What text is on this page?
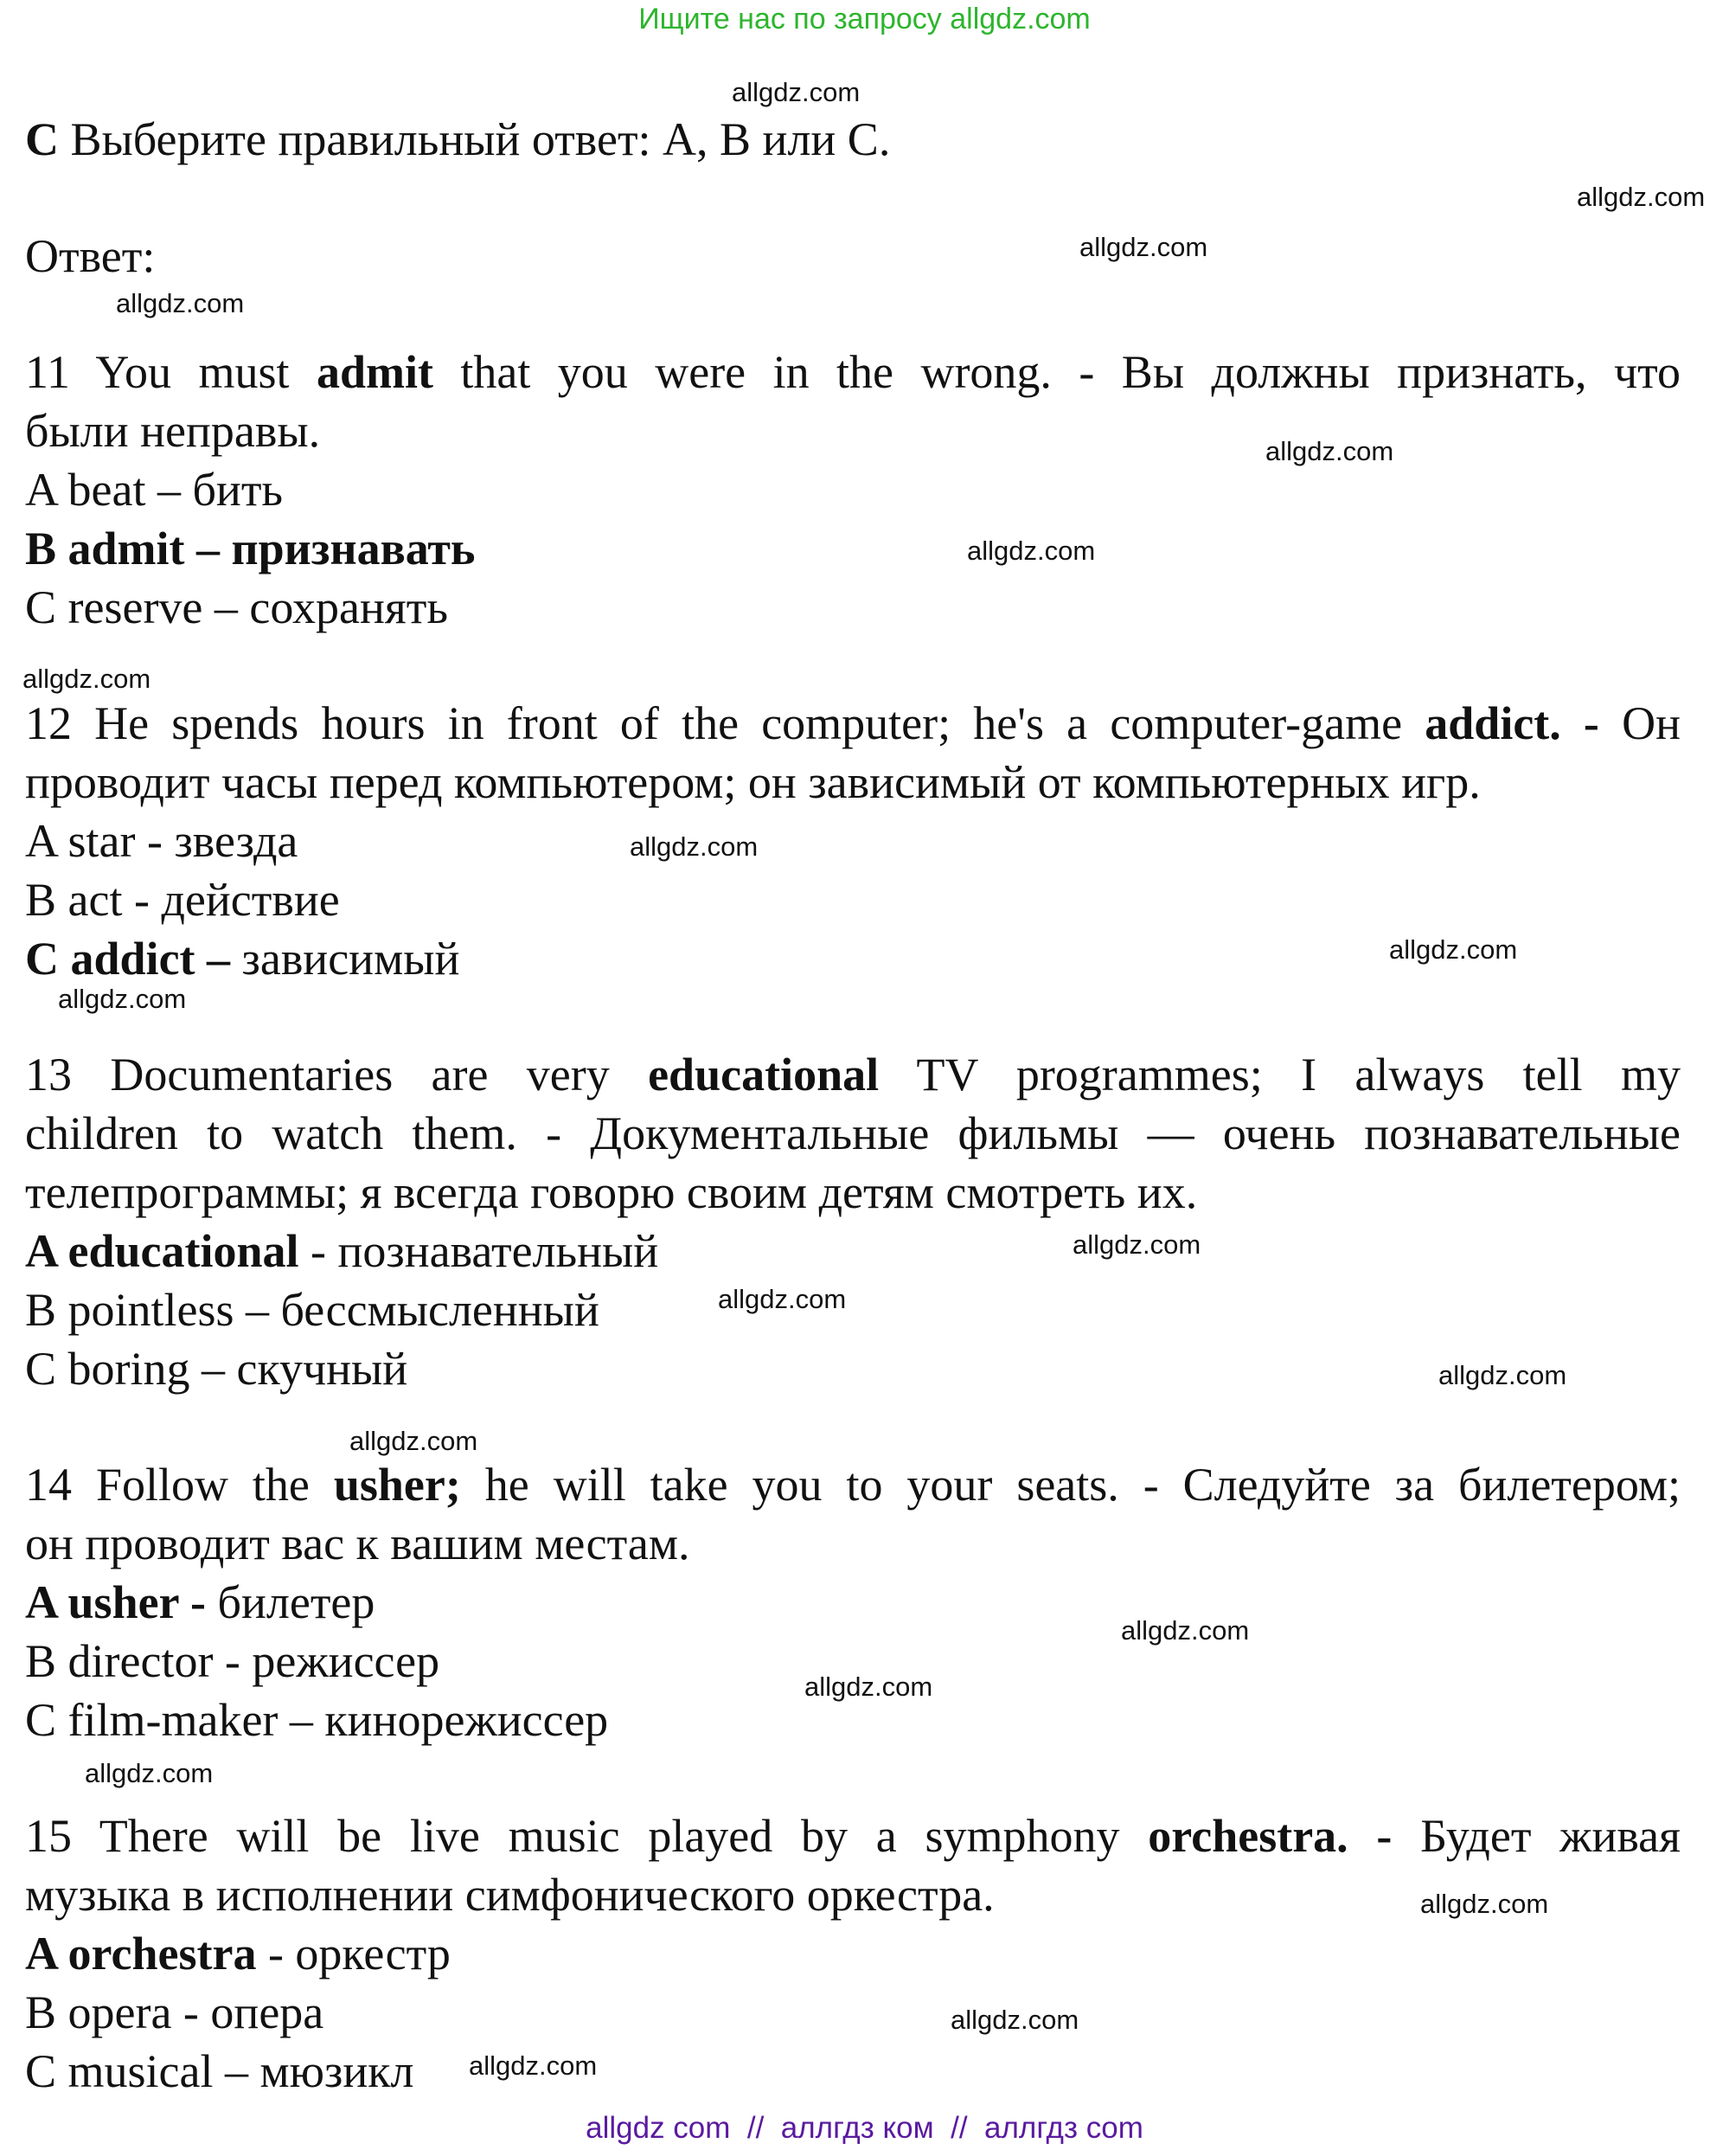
Ищите нас по запросу allgdz.com
allgdz.com
allgdz.com
allgdz.com
allgdz.com
allgdz.com
allgdz.com
allgdz.com
allgdz.com
allgdz.com
allgdz.com
allgdz.com
allgdz.com
allgdz.com
allgdz.com
allgdz.com
allgdz.com
allgdz.com
allgdz.com
allgdz.com
allgdz.com
C Выберите правильный ответ: A, B или C.
Ответ:
11 You must admit that you were in the wrong. - Вы должны признать, что
были неправы.
A beat – бить
B admit – признавать
C reserve – сохранять
12 He spends hours in front of the computer; he's a computer-game addict. - Он
проводит часы перед компьютером; он зависимый от компьютерных игр.
A star - звезда
B act - действие
C addict – зависимый
13 Documentaries are very educational TV programmes; I always tell my
children to watch them. - Документальные фильмы — очень познавательные
телепрограммы; я всегда говорю своим детям смотреть их.
A educational - познавательный
B pointless – бессмысленный
C boring – скучный
14 Follow the usher; he will take you to your seats. - Следуйте за билетером;
он проводит вас к вашим местам.
A usher - билетер
B director - режиссер
C film-maker – кинорежиссер
15 There will be live music played by a symphony orchestra. - Будет живая
музыка в исполнении симфонического оркестра.
A orchestra - оркестр
B opera - опера
C musical – мюзикл
allgdz com  //  аллгдз ком  //  аллгдз com
